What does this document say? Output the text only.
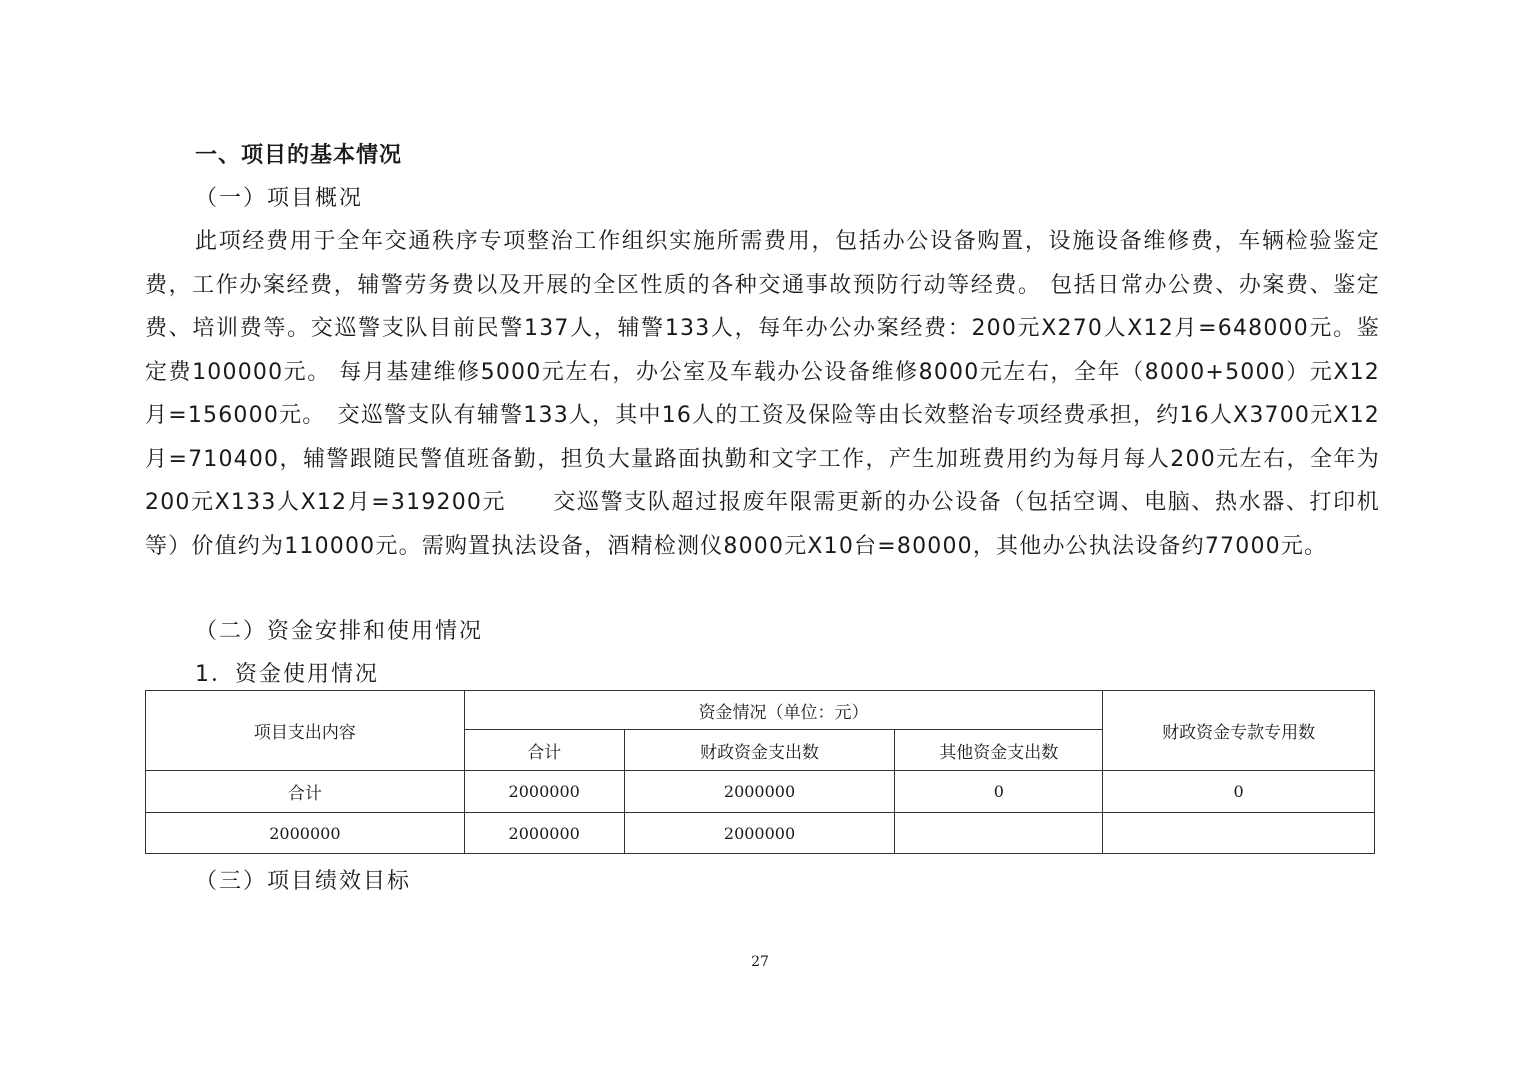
一、项目的基本情况
（一）项目概况
此项经费用于全年交通秩序专项整治工作组织实施所需费用，包括办公设备购置，设施设备维修费，车辆检验鉴定费，工作办案经费，辅警劳务费以及开展的全区性质的各种交通事故预防行动等经费。 包括日常办公费、办案费、鉴定费、培训费等。交巡警支队目前民警137人，辅警133人，每年办公办案经费：200元X270人X12月=648000元。鉴定费100000元。 每月基建维修5000元左右，办公室及车载办公设备维修8000元左右，全年（8000+5000）元X12月=156000元。　交巡警支队有辅警133人，其中16人的工资及保险等由长效整治专项经费承担，约16人X3700元X12月=710400，辅警跟随民警值班备勤，担负大量路面执勤和文字工作，产生加班费用约为每月每人200元左右，全年为200元X133人X12月=319200元　　交巡警支队超过报废年限需更新的办公设备（包括空调、电脑、热水器、打印机等）价值约为110000元。需购置执法设备，酒精检测仪8000元X10台=80000，其他办公执法设备约77000元。
（二）资金安排和使用情况
1．资金使用情况
项目支出内容	资金情况（单位：元）			财政资金专款专用数
	合计	财政资金支出数	其他资金支出数	
合计	2000000	2000000	0	0
2000000	2000000	2000000		
（三）项目绩效目标
27
